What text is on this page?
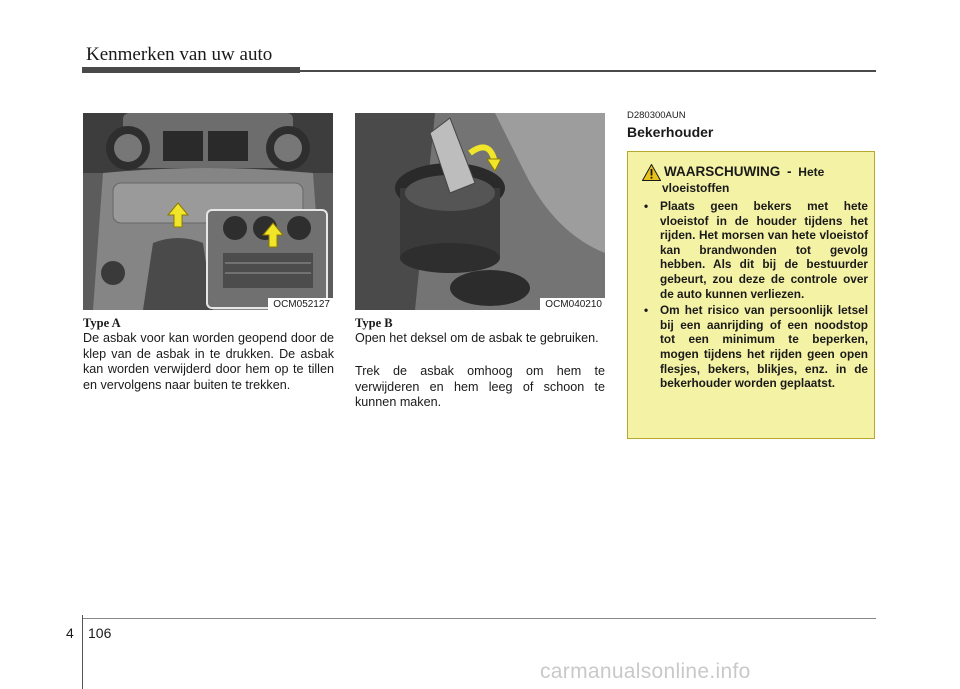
Kenmerken van uw auto
OCM052127	OCM040210
Type A

De asbak voor kan worden geopend door de klep van de asbak in te drukken. De asbak kan worden verwijderd door hem op te tillen en vervolgens naar buiten te trekken.

Type B

Open het deksel om de asbak te gebruiken.

Trek de asbak omhoog om hem te verwijderen en hem leeg of schoon te kunnen maken.

D280300AUN
Bekerhouder
WAARSCHUWING - Hete
vloeistoffen
• Plaats geen bekers met hete vloeistof in de houder tijdens het rijden. Het morsen van hete vloeistof kan brandwonden tot gevolg hebben. Als dit bij de bestuurder gebeurt, zou deze de controle over de auto kunnen verliezen.
• Om het risico van persoonlijk letsel bij een aanrijding of een noodstop tot een minimum te beperken, mogen tijdens het rijden geen open flesjes, bekers, blikjes, enz. in de bekerhouder worden geplaatst.
4 106
carmanualsonline.info
